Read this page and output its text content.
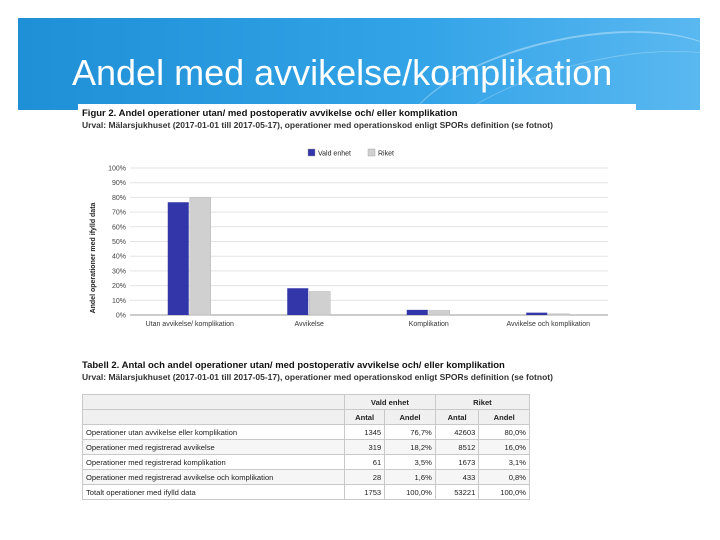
Andel med avvikelse/komplikation
Figur 2. Andel operationer utan/ med postoperativ avvikelse och/ eller komplikation
Urval: Mälarsjukhuset (2017-01-01 till 2017-05-17), operationer med operationskod enligt SPORs definition (se fotnot)
0%
10%
20%
30%
40%
50%
60%
70%
80%
90%
100%
Utan avvikelse/ komplikation	Avvikelse	Komplikation	Avvikelse och komplikation
Vald enhet	Riket
Andel operationer med ifylld data
Tabell 2. Antal och andel operationer utan/ med postoperativ avvikelse och/ eller komplikation
Urval: Mälarsjukhuset (2017-01-01 till 2017-05-17), operationer med operationskod enligt SPORs definition (se fotnot)
	Vald enhet		Riket	
	Antal	Andel	Antal	Andel
Operationer utan avvikelse eller komplikation	1345	76,7%	42603	80,0%
Operationer med registrerad avvikelse	319	18,2%	8512	16,0%
Operationer med registrerad komplikation	61	3,5%	1673	3,1%
Operationer med registrerad avvikelse och komplikation	28	1,6%	433	0,8%
Totalt operationer med ifylld data	1753	100,0%	53221	100,0%
